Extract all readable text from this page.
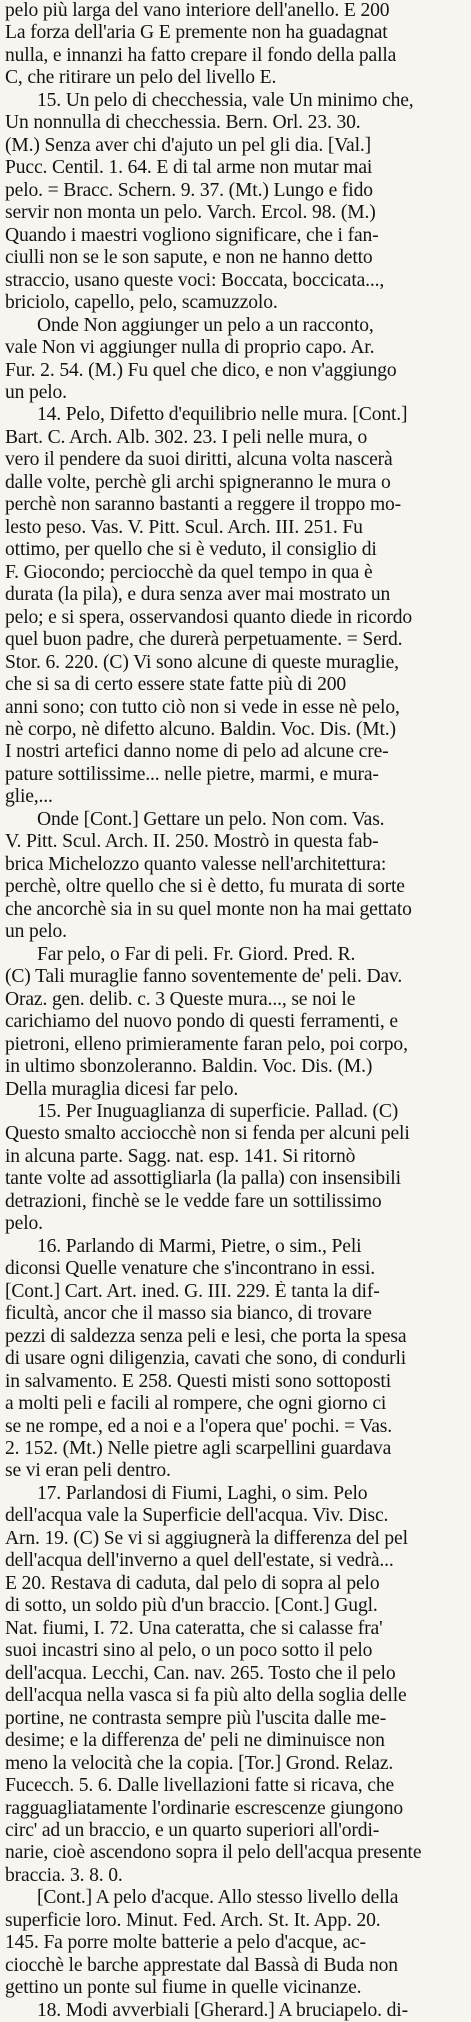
pelo più larga del vano interiore dell'anello. E 200
La forza dell'aria G E premente non ha guadagnat
nulla, e innanzi ha fatto crepare il fondo della palla
C, che ritirare un pelo del livello E.
15. Un pelo di checchessia, vale Un minimo che,
Un nonnulla di checchessia. Bern. Orl. 23. 30.
(M.) Senza aver chi d'ajuto un pel gli dia. [Val.]
Pucc. Centil. 1. 64. E di tal arme non mutar mai
pelo. = Bracc. Schern. 9. 37. (Mt.) Lungo e fido
servir non monta un pelo. Varch. Ercol. 98. (M.)
Quando i maestri vogliono significare, che i fan-
ciulli non se le son sapute, e non ne hanno detto
straccio, usano queste voci: Boccata, boccicata...,
briciolo, capello, pelo, scamuzzolo.
Onde Non aggiunger un pelo a un racconto,
vale Non vi aggiunger nulla di proprio capo. Ar.
Fur. 2. 54. (M.) Fu quel che dico, e non v'aggiungo
un pelo.
14. Pelo, Difetto d'equilibrio nelle mura. [Cont.]
Bart. C. Arch. Alb. 302. 23. I peli nelle mura, o
vero il pendere da suoi diritti, alcuna volta nascerà
dalle volte, perchè gli archi spigneranno le mura o
perchè non saranno bastanti a reggere il troppo mo-
lesto peso. Vas. V. Pitt. Scul. Arch. III. 251. Fu
ottimo, per quello che si è veduto, il consiglio di
F. Giocondo; perciocchè da quel tempo in qua è
durata (la pila), e dura senza aver mai mostrato un
pelo; e si spera, osservandosi quanto diede in ricordo
quel buon padre, che durerà perpetuamente. = Serd.
Stor. 6. 220. (C) Vi sono alcune di queste muraglie,
che si sa di certo essere state fatte più di 200
anni sono; con tutto ciò non si vede in esse nè pelo,
nè corpo, nè difetto alcuno. Baldin. Voc. Dis. (Mt.)
I nostri artefici danno nome di pelo ad alcune cre-
pature sottilissime... nelle pietre, marmi, e mura-
glie,...
Onde [Cont.] Gettare un pelo. Non com. Vas.
V. Pitt. Scul. Arch. II. 250. Mostrò in questa fab-
brica Michelozzo quanto valesse nell'architettura:
perchè, oltre quello che si è detto, fu murata di sorte
che ancorchè sia in su quel monte non ha mai gettato
un pelo.
Far pelo, o Far di peli. Fr. Giord. Pred. R.
(C) Tali muraglie fanno soventemente de' peli. Dav.
Oraz. gen. delib. c. 3 Queste mura..., se noi le
carichiamo del nuovo pondo di questi ferramenti, e
pietroni, elleno primieramente faran pelo, poi corpo,
in ultimo sbonzoleranno. Baldin. Voc. Dis. (M.)
Della muraglia dicesi far pelo.
15. Per Inuguaglianza di superficie. Pallad. (C)
Questo smalto acciocchè non si fenda per alcuni peli
in alcuna parte. Sagg. nat. esp. 141. Si ritornò
tante volte ad assottigliarla (la palla) con insensibili
detrazioni, finchè se le vedde fare un sottilissimo
pelo.
16. Parlando di Marmi, Pietre, o sim., Peli
diconsi Quelle venature che s'incontrano in essi.
[Cont.] Cart. Art. ined. G. III. 229. È tanta la dif-
ficultà, ancor che il masso sia bianco, di trovare
pezzi di saldezza senza peli e lesi, che porta la spesa
di usare ogni diligenzia, cavati che sono, di condurli
in salvamento. E 258. Questi misti sono sottoposti
a molti peli e facili al rompere, che ogni giorno ci
se ne rompe, ed a noi e a l'opera que' pochi. = Vas.
2. 152. (Mt.) Nelle pietre agli scarpellini guardava
se vi eran peli dentro.
17. Parlandosi di Fiumi, Laghi, o sim. Pelo
dell'acqua vale la Superficie dell'acqua. Viv. Disc.
Arn. 19. (C) Se vi si aggiugnerà la differenza del pel
dell'acqua dell'inverno a quel dell'estate, si vedrà...
E 20. Restava di caduta, dal pelo di sopra al pelo
di sotto, un soldo più d'un braccio. [Cont.] Gugl.
Nat. fiumi, I. 72. Una cateratta, che si calasse fra'
suoi incastri sino al pelo, o un poco sotto il pelo
dell'acqua. Lecchi, Can. nav. 265. Tosto che il pelo
dell'acqua nella vasca si fa più alto della soglia delle
portine, ne contrasta sempre più l'uscita dalle me-
desime; e la differenza de' peli ne diminuisce non
meno la velocità che la copia. [Tor.] Grond. Relaz.
Fucecch. 5. 6. Dalle livellazioni fatte si ricava, che
ragguagliatamente l'ordinarie escrescenze giungono
circ' ad un braccio, e un quarto superiori all'ordi-
narie, cioè ascendono sopra il pelo dell'acqua presente
braccia. 3. 8. 0.
[Cont.] A pelo d'acque. Allo stesso livello della
superficie loro. Minut. Fed. Arch. St. It. App. 20.
145. Fa porre molte batterie a pelo d'acque, ac-
ciocchè le barche apprestate dal Bassà di Buda non
gettino un ponte sul fiume in quelle vicinanze.
18. Modi avverbiali [Gherard.] A bruciapelo. di-
